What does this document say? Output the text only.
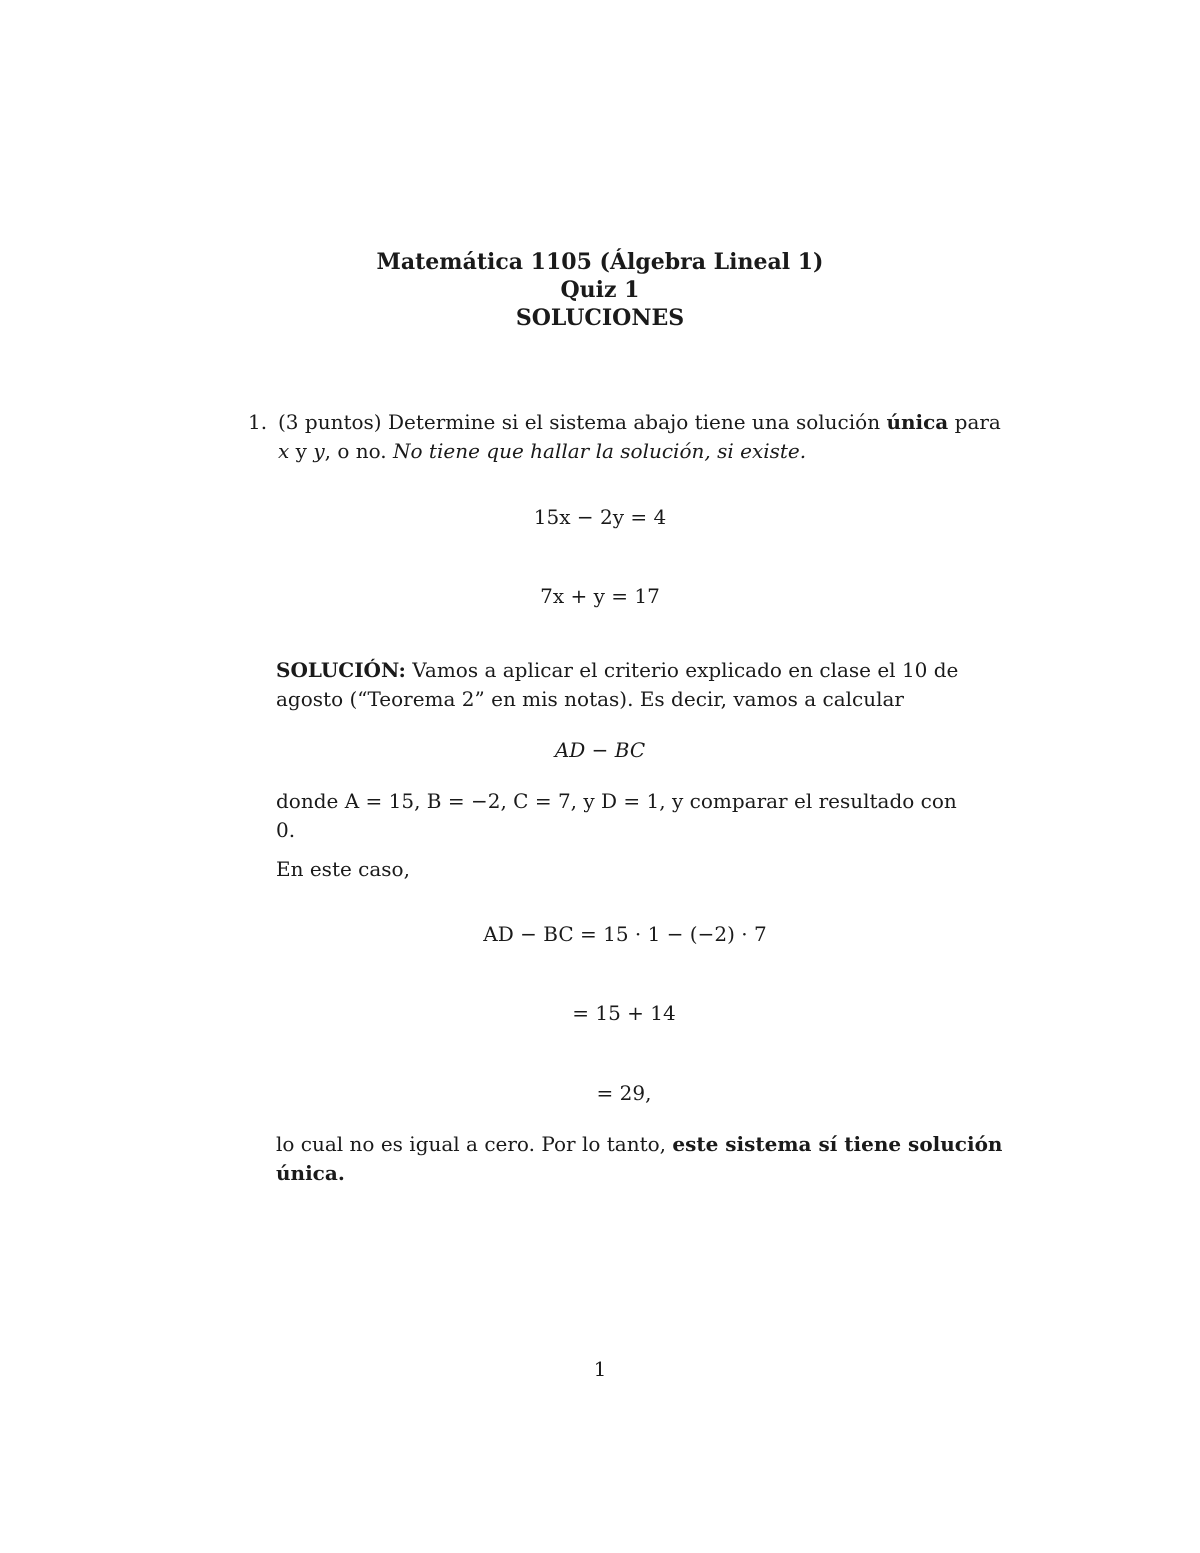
Matemática 1105 (Álgebra Lineal 1)
Quiz 1
SOLUCIONES
1. (3 puntos) Determine si el sistema abajo tiene una solución única para
x y y, o no. No tiene que hallar la solución, si existe.
15x − 2y = 4
7x + y = 17
SOLUCIÓN: Vamos a aplicar el criterio explicado en clase el 10 de
agosto (“Teorema 2” en mis notas). Es decir, vamos a calcular
AD − BC
donde A = 15, B = −2, C = 7, y D = 1, y comparar el resultado con
0.
En este caso,
AD − BC = 15 · 1 − (−2) · 7
= 15 + 14
= 29,
lo cual no es igual a cero. Por lo tanto, este sistema sí tiene solución
única.
1
